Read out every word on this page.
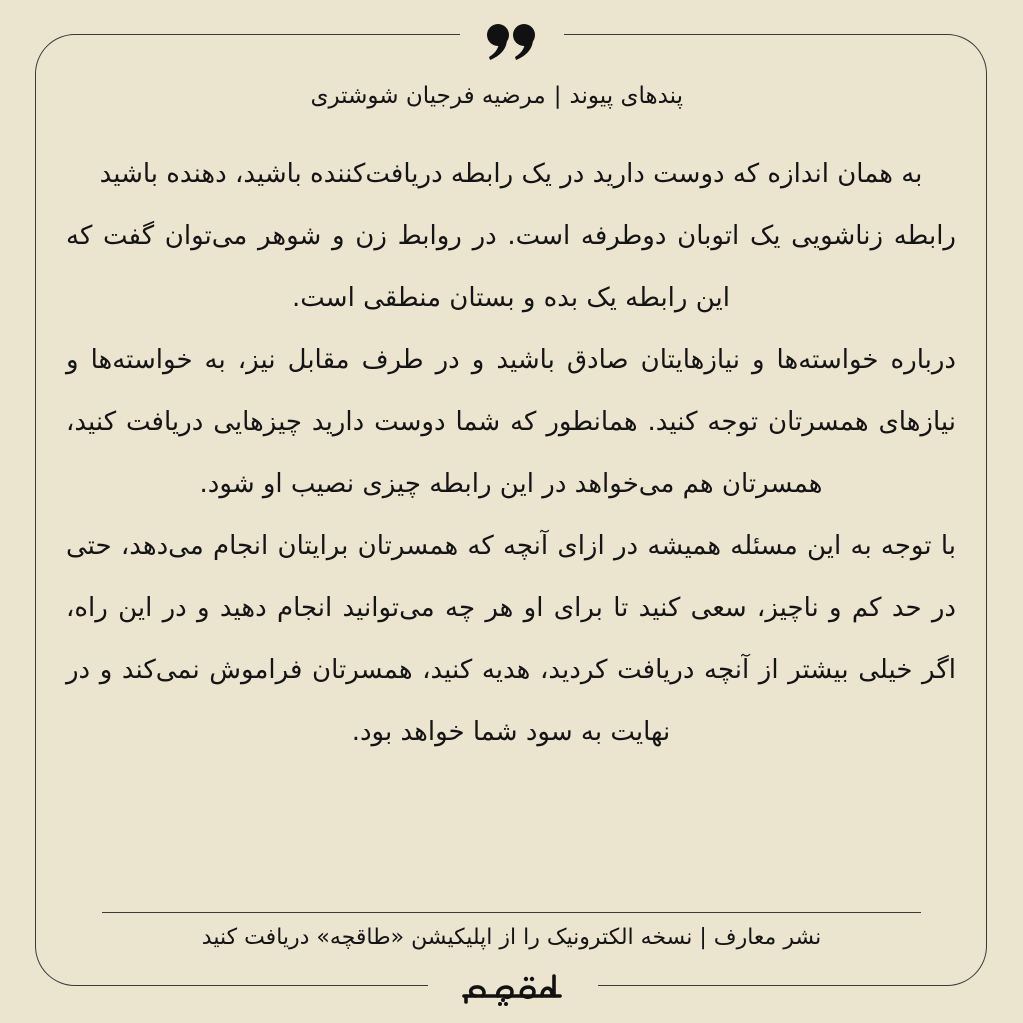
پندهای پیوند|مرضیه فرجیان شوشتری

به همان اندازه که دوست دارید در یک رابطه دریافت‌کننده باشید، دهنده باشید

رابطه زناشویی یک اتوبان دوطرفه است. در روابط زن و شوهر می‌توان گفت که این رابطه یک بده و بستان منطقی است.

درباره خواسته‌ها و نیازهایتان صادق باشید و در طرف مقابل نیز، به خواسته‌ها و نیازهای همسرتان توجه کنید. همانطور که شما دوست دارید چیزهایی دریافت کنید، همسرتان هم می‌خواهد در این رابطه چیزی نصیب او شود.

با توجه به این مسئله همیشه در ازای آنچه که همسرتان برایتان انجام می‌دهد، حتی در حد کم و ناچیز، سعی کنید تا برای او هر چه می‌توانید انجام دهید و در این راه، اگر خیلی بیشتر از آنچه دریافت کردید، هدیه کنید، همسرتان فراموش نمی‌کند و در نهایت به سود شما خواهد بود.

نشر معارف | نسخه الکترونیک را از اپلیکیشن «طاقچه» دریافت کنید
